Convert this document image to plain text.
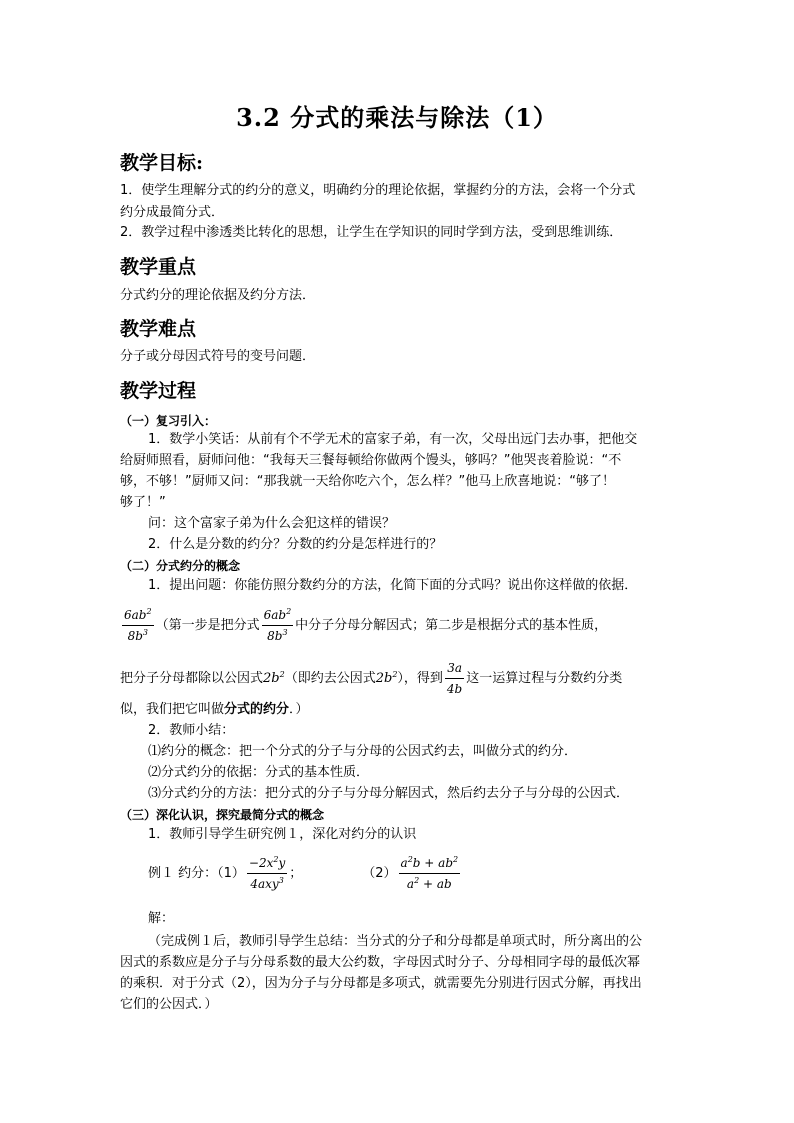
3.2 分式的乘法与除法（1）
教学目标:
1．使学生理解分式的约分的意义，明确约分的理论依据，掌握约分的方法，会将一个分式
约分成最简分式．
2．教学过程中渗透类比转化的思想，让学生在学知识的同时学到方法，受到思维训练．
教学重点
分式约分的理论依据及约分方法．
教学难点
分子或分母因式符号的变号问题．
教学过程
（一）复习引入：
1．数学小笑话：从前有个不学无术的富家子弟，有一次，父母出远门去办事，把他交
给厨师照看，厨师问他：“我每天三餐每顿给你做两个馒头，够吗？”他哭丧着脸说：“不
够，不够！”厨师又问：“那我就一天给你吃六个，怎么样？”他马上欣喜地说：“够了！
够了！”
问：这个富家子弟为什么会犯这样的错误？
2．什么是分数的约分？分数的约分是怎样进行的？
（二）分式约分的概念
1．提出问题：你能仿照分数约分的方法，化简下面的分式吗？说出你这样做的依据．
$\frac{6ab^2}{8b^3}$ （第一步是把分式 $\frac{6ab^2}{8b^3}$ 中分子分母分解因式；第二步是根据分式的基本性质，
把分子分母都除以公因式$2b^2$（即约去公因式$2b^2$），得到 $\frac{3a}{4b}$ 这一运算过程与分数约分类
似，我们把它叫做分式的约分．）
2．教师小结：
⑴约分的概念：把一个分式的分子与分母的公因式约去，叫做分式的约分．
⑵分式约分的依据：分式的基本性质．
⑶分式约分的方法：把分式的分子与分母分解因式，然后约去分子与分母的公因式．
（三）深化认识，探究最简分式的概念
1．教师引导学生研究例１，深化对约分的认识
例１ 约分：$(1) \frac{-2x^2y}{4axy^3}$ ；	$(2) \frac{a^2b + ab^2}{a^2 + ab}$
解：
（完成例１后，教师引导学生总结：当分式的分子和分母都是单项式时，所分离出的公
因式的系数应是分子与分母系数的最大公约数，字母因式时分子、分母相同字母的最低次幂
的乘积．对于分式（2），因为分子与分母都是多项式，就需要先分别进行因式分解，再找出
它们的公因式．）
